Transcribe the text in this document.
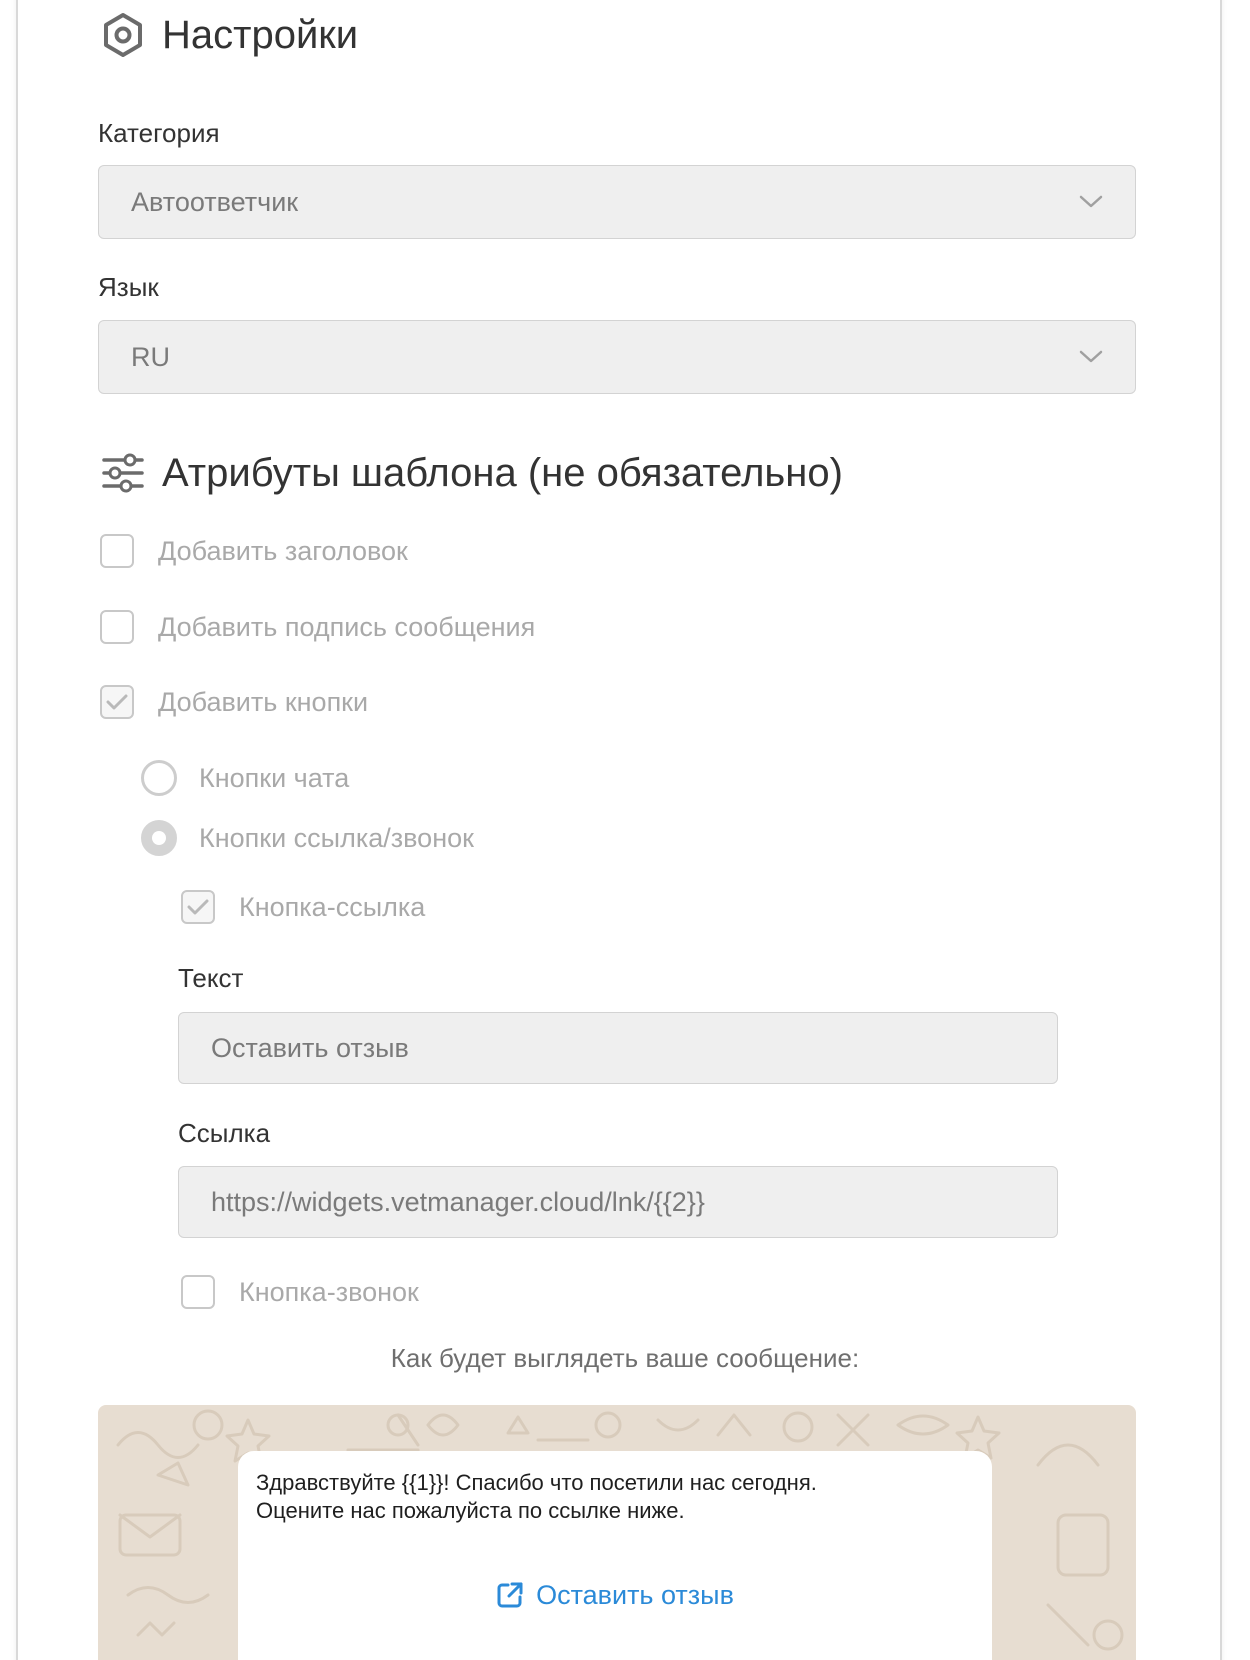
Настройки
Категория
Автоответчик
Язык
RU
Атрибуты шаблона (не обязательно)
Добавить заголовок
Добавить подпись сообщения
Добавить кнопки
Кнопки чата
Кнопки ссылка/звонок
Кнопка-ссылка
Текст
Оставить отзыв
Ссылка
https://widgets.vetmanager.cloud/lnk/{{2}}
Кнопка-звонок
Как будет выглядеть ваше сообщение:
Здравствуйте {{1}}! Спасибо что посетили нас сегодня.
Оцените нас пожалуйста по ссылке ниже.
Оставить отзыв
